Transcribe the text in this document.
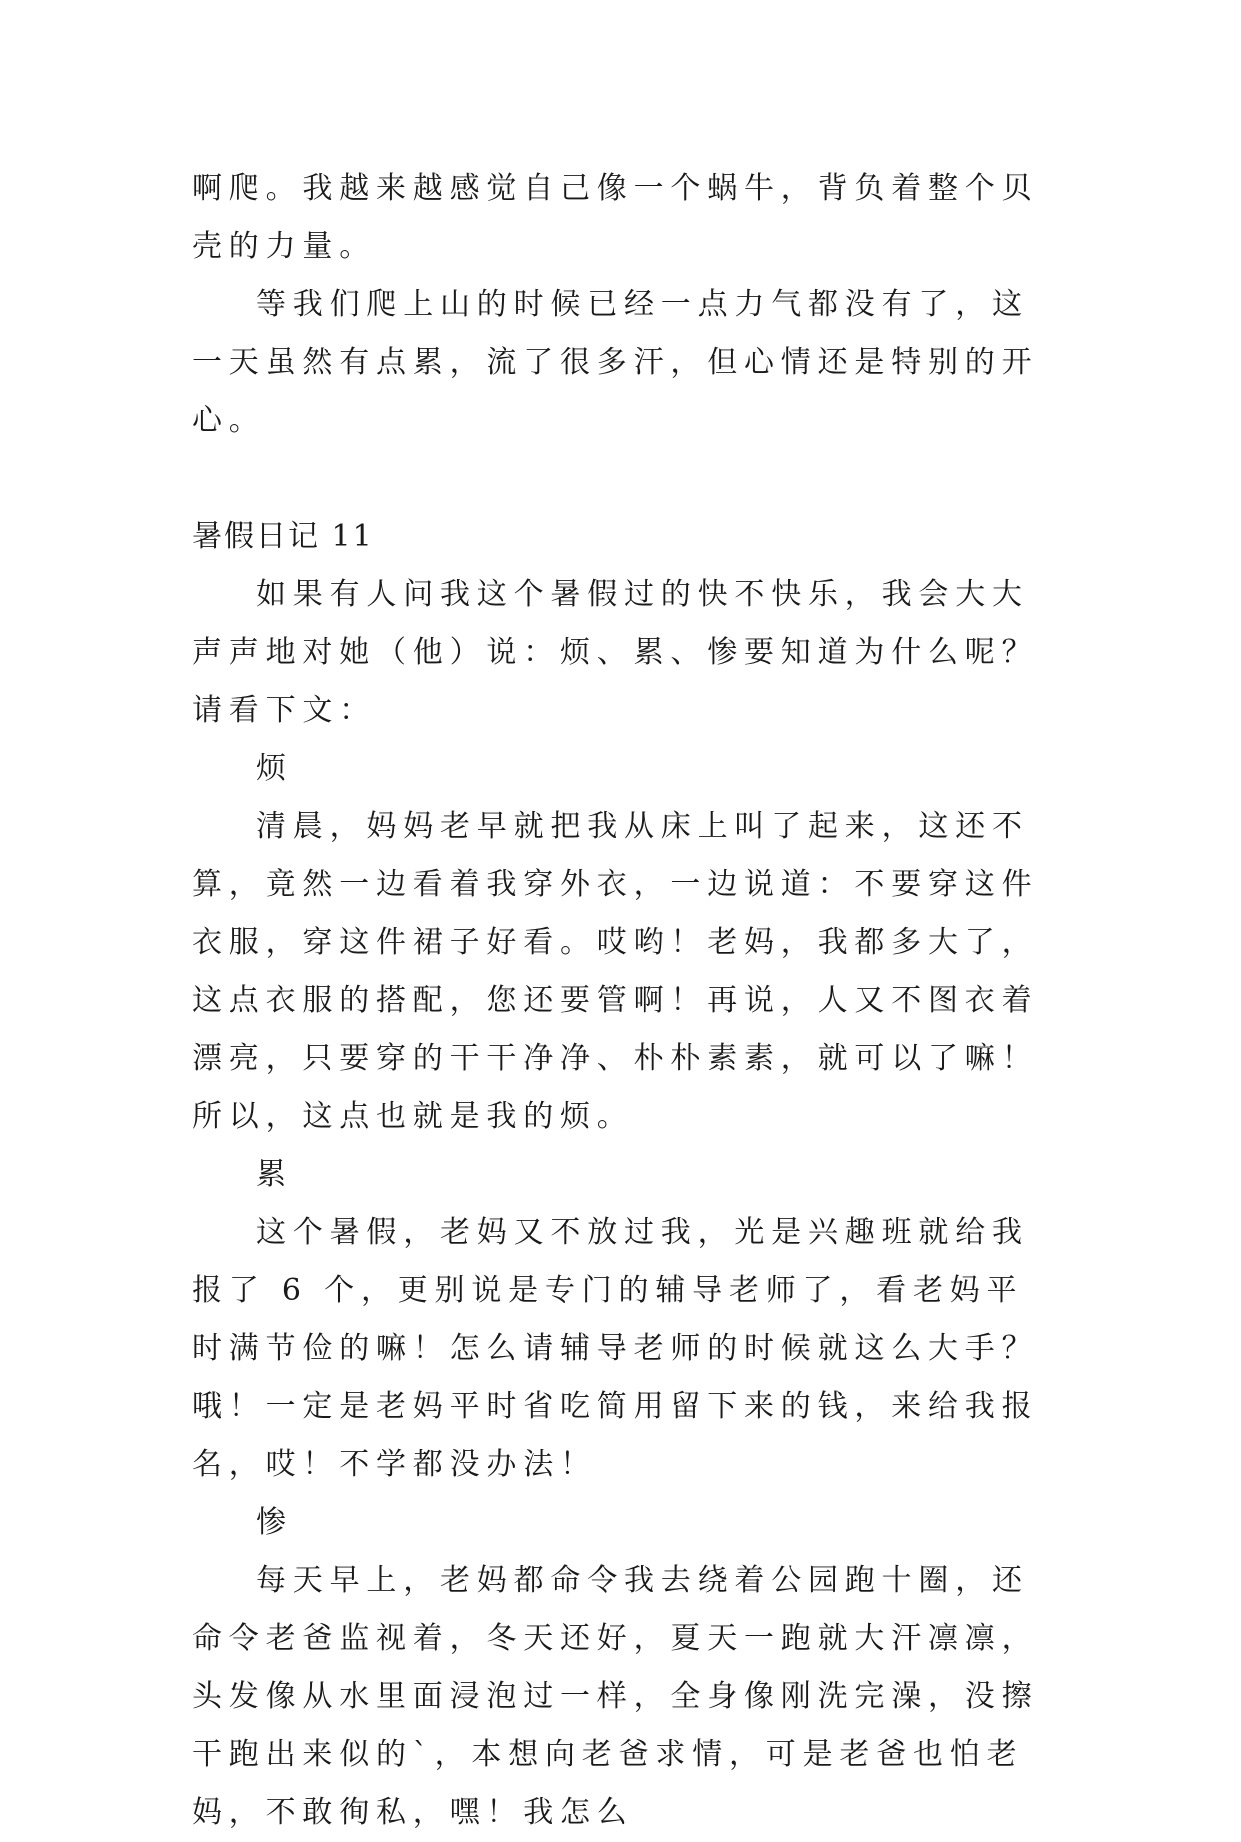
啊爬。我越来越感觉自己像一个蜗牛，背负着整个贝壳的力量。

等我们爬上山的时候已经一点力气都没有了，这一天虽然有点累，流了很多汗，但心情还是特别的开心。

暑假日记 11

如果有人问我这个暑假过的快不快乐，我会大大声声地对她（他）说：烦、累、惨要知道为什么呢？请看下文：

烦

清晨，妈妈老早就把我从床上叫了起来，这还不算，竟然一边看着我穿外衣，一边说道：不要穿这件衣服，穿这件裙子好看。哎哟！老妈，我都多大了，这点衣服的搭配，您还要管啊！再说，人又不图衣着漂亮，只要穿的干干净净、朴朴素素，就可以了嘛！所以，这点也就是我的烦。

累

这个暑假，老妈又不放过我，光是兴趣班就给我报了 6 个，更别说是专门的辅导老师了，看老妈平时满节俭的嘛！怎么请辅导老师的时候就这么大手？哦！一定是老妈平时省吃简用留下来的钱，来给我报名，哎！不学都没办法！

惨

每天早上，老妈都命令我去绕着公园跑十圈，还命令老爸监视着，冬天还好，夏天一跑就大汗凛凛，头发像从水里面浸泡过一样，全身像刚洗完澡，没擦干跑出来似的`，本想向老爸求情，可是老爸也怕老妈，不敢徇私，嘿！我怎么
